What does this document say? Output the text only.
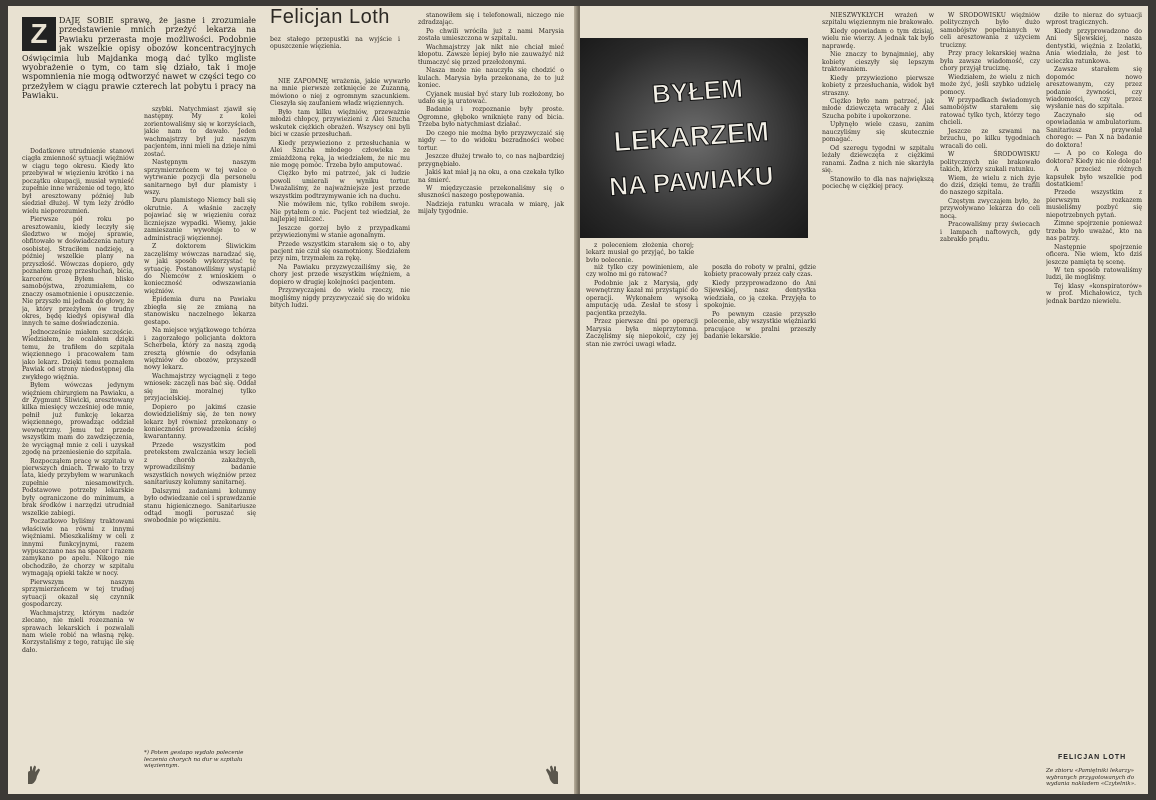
Z	DAJĘ SOBIE sprawę, że jasne i zrozumiałe przedstawienie mnich przeżyć lekarza na Pawiaku przerasta moje możliwości. Podobnie jak wszelkie opisy obozów koncentracyjnych Oświęcimia lub Majdanka mogą dać tylko mgliste wyobrażenie o tym, co tam się działo, tak i moje wspomnienia nie mogą odtworzyć nawet w części tego co przeżyłem w ciągu prawie czterech lat pobytu i pracy na Pawiaku.

Dodatkowe utrudnienie stanowi ciągła zmienność sytuacji więźniów w ciągu tego okresu. Kiedy kto przebywał w więzieniu krótko i na początku okupacji, musiał wynieść zupełnie inne wrażenie od tego, kto był aresztowany później lub siedział dłużej. W tym leży źródło wielu nieporozumień.

Pierwsze pół roku po aresztowaniu, kiedy leczyły się śledztwo w mojej sprawie, obfitowało w doświadczenia natury osobistej. Straciłem nadzieję, a później wszelkie plany na przyszłość. Wówczas dopiero, gdy poznałem grozę przesłuchań, bicia, karcerów. Byłem blisko samobójstwa, zrozumiałem, co znaczy osamotnienie i opuszczenie. Nie przyszło mi jednak do głowy, że ja, który przeżyłem ów trudny okres, będę kiedyś opisywał dla innych te same doświadczenia.

Jednocześnie miałem szczęście. Wiedziałem, że ocalałem dzięki temu, że trafiłem do szpitala więziennego i pracowałem tam jako lekarz. Dzięki temu poznałem Pawiak od strony niedostępnej dla zwykłego więźnia.

Byłem wówczas jedynym więźniem chirurgiem na Pawiaku, a dr Zygmunt Śliwicki, aresztowany kilka miesięcy wcześniej ode mnie, pełnił już funkcję lekarza więziennego, prowadząc oddział wewnętrzny. Jemu też przede wszystkim mam do zawdzięczenia, że wyciągnął mnie z celi i uzyskał zgodę na przeniesienie do szpitala.

Rozpocząłem pracę w szpitalu w pierwszych dniach. Trwało to trzy lata, kiedy przybyłem w warunkach zupełnie niesamowitych. Podstawowe potrzeby lekarskie były ograniczone do minimum, a brak środków i narzędzi utrudniał wszelkie zabiegi.

Poczatkowo byliśmy traktowani właściwie na równi z innymi więźniami. Mieszkaliśmy w celi z innymi funkcyjnymi, razem wypuszczano nas na spacer i razem zamykano po apelu. Nikogo nie obchodziło, że chorzy w szpitalu wymagają opieki także w nocy.

Pierwszym naszym sprzymierzeńcem w tej trudnej sytuacji okazał się czynnik gospodarczy.

Wachmajstrzy, którym nadzór zlecano, nie mieli rozeznania w sprawach lekarskich i pozwalali nam wiele robić na własną rękę. Korzystaliśmy z tego, ratując ile się dało.

szybki. Natychmiast zjawił się następny. My z kolei zorientowaliśmy się w korzyściach, jakie nam to dawało. Jeden wachmajstrzy był już naszym pacjentem, inni mieli na dzieje nimi zostać.

Następnym naszym sprzymierzeńcem w tej walce o wytrwanie pozycji dla personelu sanitarnego był dur plamisty i wszy.

Duru plamistego Niemcy bali się okrutnie. A właśnie zaczęły pojawiać się w więzieniu coraz liczniejsze wypadki. Wiemy, jakie zamieszanie wywołuje to w administracji więziennej.

Z doktorem Śliwickim zaczęliśmy wówczas naradzać się, w jaki sposób wykorzystać tę sytuację. Postanowiliśmy wystąpić do Niemców z wnioskiem o konieczność odwszawiania więźniów.

Epidemia duru na Pawiaku zbiegła się ze zmianą na stanowisku naczelnego lekarza gestapo.

Na miejsce wyjątkowego tchórza i zagorzałego policjanta doktora Scherbela, który za naszą zgodą zresztą głównie do odsyłania więźniów do obozów, przyszedł nowy lekarz.

Wachmajstrzy wyciągnęli z tego wniosek: zaczęli nas bać się. Oddał się im moralnej tylko przyjacielskiej.

Dopiero po jakimś czasie dowiedzieliśmy się, że ten nowy lekarz był również przekonany o konieczności prowadzenia ścisłej kwarantanny.

Przede wszystkim pod pretekstem zwalczania wszy lecieli z chorób zakaźnych, wprowadziliśmy badanie wszystkich nowych więźniów przez sanitariuszy kolumny sanitarnej.

Dalszymi zadaniami kolumny było odwiedzanie cel i sprawdzanie stanu higienicznego. Sanitariusze odtąd mogli poruszać się swobodnie po więzieniu.

Felicjan Loth

bez stałego przepustki na wyjście i opuszczenie więzienia.

NIE ZAPOMNĘ wrażenia, jakie wywarło na mnie pierwsze zetknięcie ze Zuzanną, mówiono o niej z ogromnym szacunkiem. Cieszyła się zaufaniem władz więziennych.

Było tam kilku więźniów, przeważnie młodzi chłopcy, przywiezieni z Alei Szucha wskutek ciężkich obrażeń. Wszyscy oni byli bici w czasie przesłuchań.

Kiedy przywieziono z przesłuchania w Alei Szucha młodego człowieka ze zmiażdżoną ręką, ja wiedziałem, że nic mu nie mogę pomóc. Trzeba było amputować.

Ciężko było mi patrzeć, jak ci ludzie powoli umierali w wyniku tortur. Uważaliśmy, że najważniejsze jest przede wszystkim podtrzymywanie ich na duchu.

Nie mówiłem nic, tylko robiłem swoje. Nie pytałem o nic. Pacjent też wiedział, że najlepiej milczeć.

Jeszcze gorzej było z przypadkami przywiezionymi w stanie agonalnym.

Przede wszystkim starałem się o to, aby pacjent nie czuł się osamotniony. Siedziałem przy nim, trzymałem za rękę.

Na Pawiaku przyzwyczailiśmy się, że chory jest przede wszystkim więźniem, a dopiero w drugiej kolejności pacjentem.

Przyzwyczajeni do wielu rzeczy, nie mogliśmy nigdy przyzwyczaić się do widoku bitych ludzi.

stanowiłem się i telefonowali, niczego nie zdradzając.

Po chwili wróciła już z nami Marysia została umieszczona w szpitalu.

Wachmajstrzy jak nikt nie chciał mieć kłopotu. Zawsze lepiej było nie zauważyć niż tłumaczyć się przed przełożonymi.

Nasza może nie nauczyła się chodzić o kulach. Marysia była przekonana, że to już koniec.

Cyjanek musiał być stary lub rozłożony, bo udało się ją uratować.

Badanie i rozpoznanie były proste. Ogromne, głęboko wniknięte rany od bicia. Trzeba było natychmiast działać.

Do czego nie można było przyzwyczaić się nigdy — to do widoku bezradności wobec tortur.

Jeszcze dłużej trwało to, co nas najbardziej przygnębiało.

Jakiś kat miał ją na oku, a ona czekała tylko na śmierć.

W międzyczasie przekonaliśmy się o słuszności naszego postępowania.

Nadzieja ratunku wracała w miarę, jak mijały tygodnie.

*) Potem gestapo wydało polecenie leczenia chorych na dur w szpitalu więziennym.
BYŁEM
LEKARZEM
NA PAWIAKU

z poleceniem złożenia chorej; lekarz musiał go przyjąć, bo takie było polecenie.

niż tylko czy powinieniem, ale czy wolno mi go ratować?

Podobnie jak z Marysią, gdy wewnętrzny kazał mi przystąpić do operacji. Wykonałem wysoką amputację uda. Zesłał te stosy i pacjentka przeżyła.

Przez pierwsze dni po operacji Marysia była nieprzytomna. Zaczęliśmy się niepokoić, czy jej stan nie zwróci uwagi władz.

poszła do roboty w pralni, gdzie kobiety pracowały przez cały czas.

Kiedy przyprowadzono do Ani Sijewskiej, nasz dentystka wiedziała, co ją czeka. Przyjęła to spokojnie.

Po pewnym czasie przyszło polecenie, aby wszystkie więźniarki pracujące w pralni przeszły badanie lekarskie.

NIESZWYKŁYCH wrażeń w szpitalu więziennym nie brakowało.

Kiedy opowiadam o tym dzisiaj, wielu nie wierzy. A jednak tak było naprawdę.

Nie znaczy to bynajmniej, aby kobiety cieszyły się lepszym traktowaniem.

Kiedy przywieziono pierwsze kobiety z przesłuchania, widok był straszny.

Ciężko było nam patrzeć, jak młode dziewczęta wracały z Alei Szucha pobite i upokorzone.

Upłynęło wiele czasu, zanim nauczyliśmy się skutecznie pomagać.

Od szeregu tygodni w szpitalu leżały dziewczęta z ciężkimi ranami. Żadna z nich nie skarżyła się.

Stanowiło to dla nas największą pociechę w ciężkiej pracy.

W ŚRODOWISKU więźniów politycznych było dużo samobójstw popełnianych w celi aresztowania z użyciem trucizny.

Przy pracy lekarskiej ważna była zawsze wiadomość, czy chory przyjął truciznę.

Wiedziałem, że wielu z nich może żyć, jeśli szybko udzielę pomocy.

W przypadkach świadomych samobójstw starałem się ratować tylko tych, którzy tego chcieli.

Jeszcze ze szwami na brzuchu, po kilku tygodniach wracali do celi.

W ŚRODOWISKU politycznych nie brakowało takich, którzy szukali ratunku.

Wiem, że wielu z nich żyje do dziś, dzięki temu, że trafili do naszego szpitala.

Częstym zwyczajem było, że przywoływano lekarza do celi nocą.

Pracowaliśmy przy świecach i lampach naftowych, gdy zabrakło prądu.

dziłe to nieraz do sytuacji wprost tragicznych.

Kiedy przyprowadzono do Ani Sijewskiej, nasza dentystki, więźnia z Izolatki, Ania wiedziała, że jest to ucieczka ratunkowa.

Zawsze starałem się dopomóc nowo aresztowanym, czy przez podanie żywności, czy wiadomości, czy przez wysłanie nas do szpitala.

Zaczynało się od opowiadania w ambulatorium. Sanitariusz przywołał chorego: — Pan X na badanie do doktora!

— A po co Kolega do doktora? Kiedy nic nie dolega!

A przecież różnych kapsułek było wszelkie pod dostatkiem!

Przede wszystkim z pierwszym rozkazem musieliśmy pozbyć się niepotrzebnych pytań.

Zimne spojrzenie ponieważ trzeba było uważać, kto na nas patrzy.

Następnie spojrzenie oficera. Nie wiem, kto dziś jeszcze pamięta tę scenę.

W ten sposób ratowaliśmy ludzi, ile mogliśmy.

Tej klasy «konspiratorów» w prof. Michałowicz, tych jednak bardzo niewielu.

FELICJAN LOTH
Ze zbioru «Pamiętniki lekarzy» wybranych przygotowanych do wydania nakładem «Czytelnik».
